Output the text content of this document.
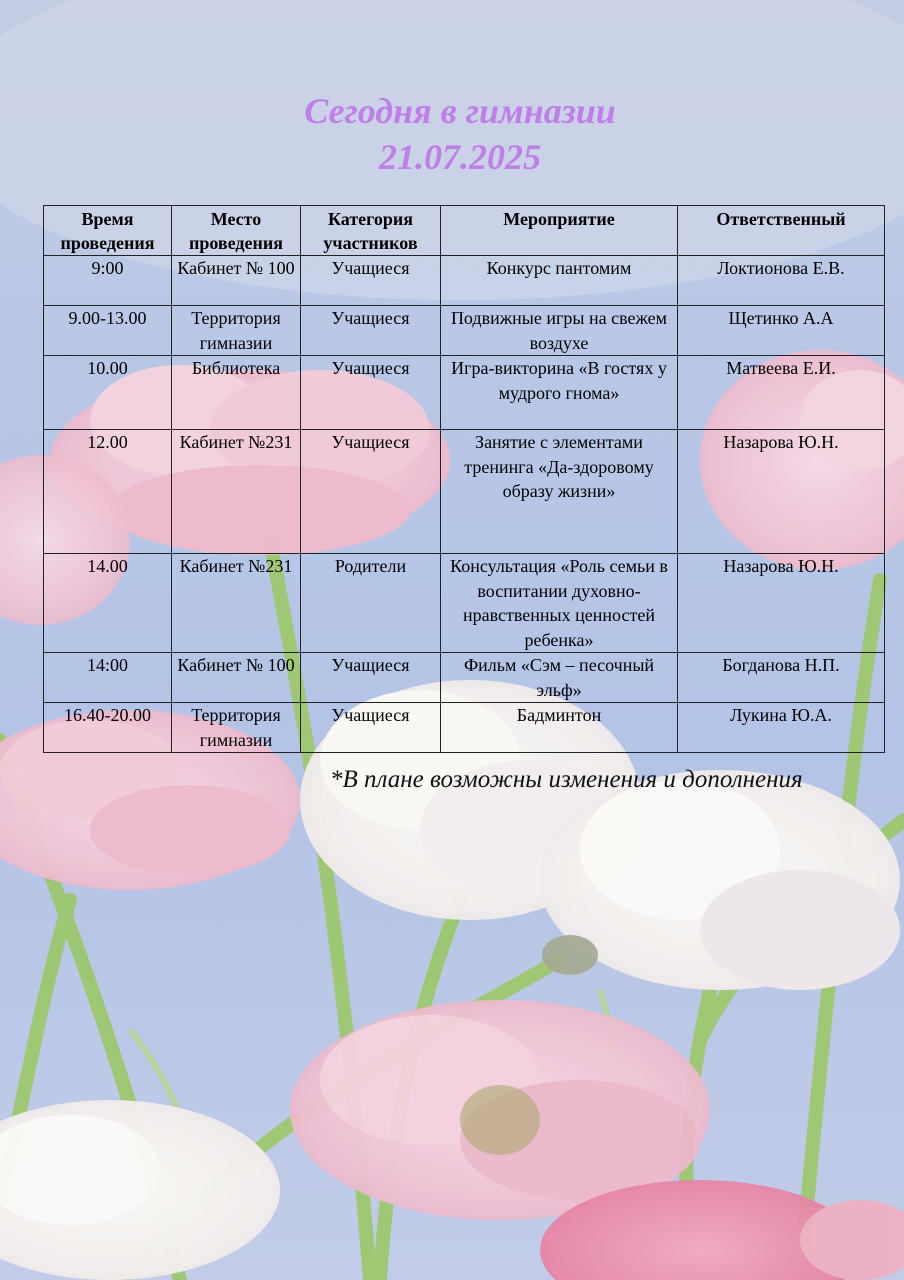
Сегодня в гимназии
21.07.2025
Время проведения	Место проведения	Категория участников	Мероприятие	Ответственный
9:00	Кабинет № 100	Учащиеся	Конкурс пантомим	Локтионова Е.В.
9.00-13.00	Территория гимназии	Учащиеся	Подвижные игры на свежем воздухе	Щетинко А.А
10.00	Библиотека	Учащиеся	Игра-викторина «В гостях у мудрого гнома»	Матвеева Е.И.
12.00	Кабинет №231	Учащиеся	Занятие с элементами тренинга «Да-здоровому образу жизни»	Назарова Ю.Н.
14.00	Кабинет №231	Родители	Консультация «Роль семьи в воспитании духовно-нравственных ценностей ребенка»	Назарова Ю.Н.
14:00	Кабинет № 100	Учащиеся	Фильм «Сэм – песочный эльф»	Богданова Н.П.
16.40-20.00	Территория гимназии	Учащиеся	Бадминтон	Лукина Ю.А.
*В плане возможны изменения и дополнения
